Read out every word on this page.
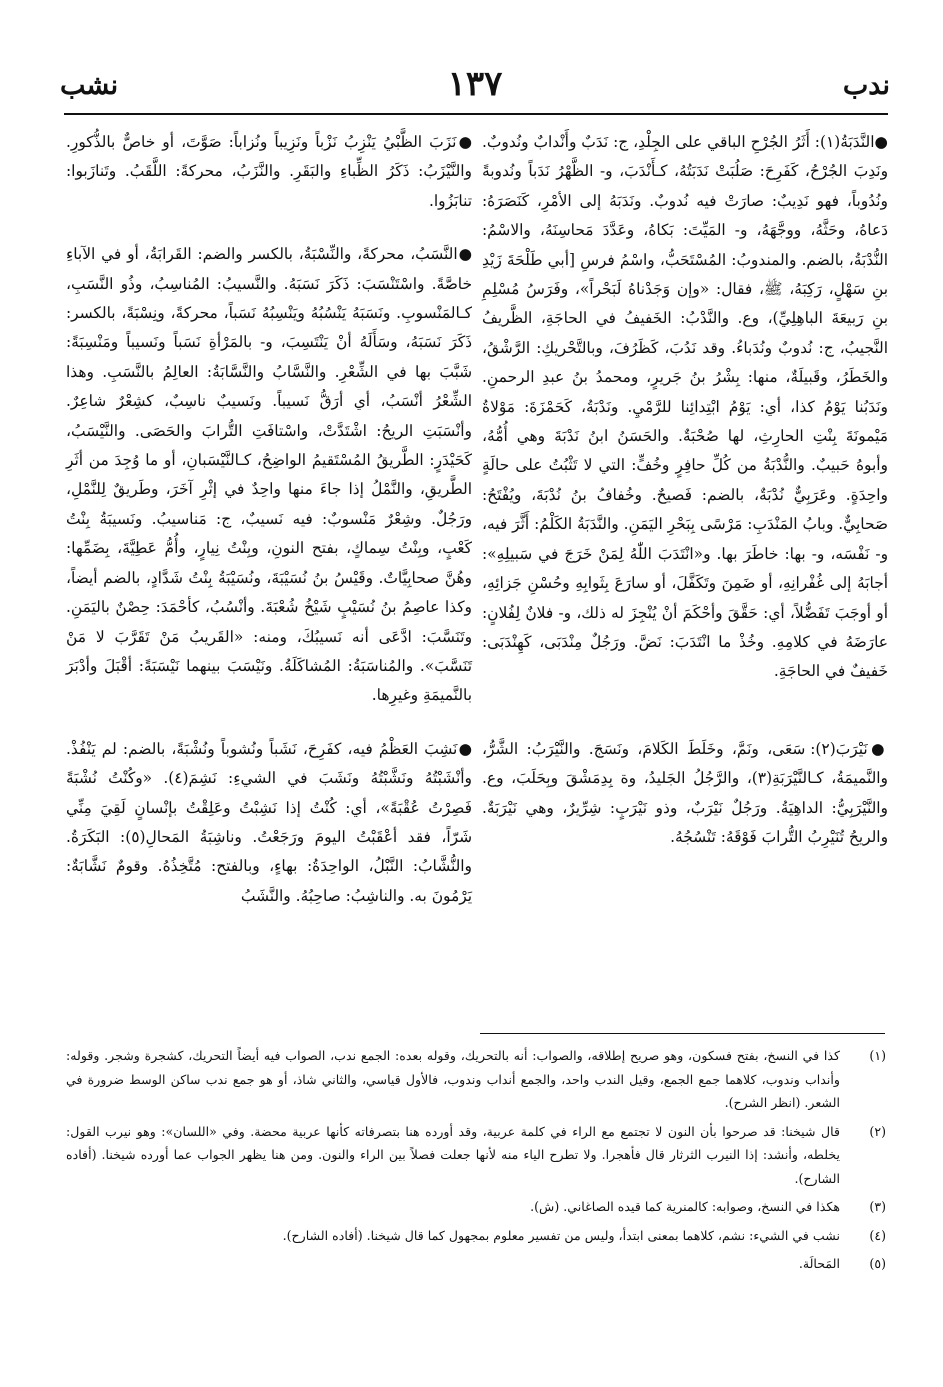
ندب
١٣٧
نشب

●النَّدَبَةُ(١): أَثَرُ الجُرْحِ الباقي على الجِلْدِ، ج: نَدَبٌ وأَنْدابٌ ونُدوبٌ. ونَدِبَ الجُرْحُ، كَفَرِحَ: صَلُبَتْ نَدَبَتُهُ، كـأَنْدَبَ، و- الظَّهْرُ نَدَباً ونُدوبةً ونُدُوباً، فهو نَدِيبٌ: صارَتْ فيه نُدوبٌ. ونَدَبَهُ إلى الأمْرِ، كَنَصَرَهُ: دَعاهُ، وحَثَّهُ، ووجَّهَهُ، و- المَيِّتَ: بَكاهُ، وعَدَّدَ مَحاسِنَهُ، والاسْمُ: النُّدْبَةُ، بالضم. والمندوبُ: المُسْتَحَبُّ، واسْمُ فرسِ [أبي طَلْحَةَ زَيْدِ بنِ سَهْلٍ، رَكِبَهُ، ﷺ، فقال: «وإن وَجَدْناهُ لَبَحْراً»، وفَرَسُ مُسْلِمِ بنِ رَبيعَةَ الباهِلِيِّ)، وع. والنَّدْبُ: الخَفيفُ في الحاجَةِ، الظَّريفُ النَّجيبُ، ج: نُدوبٌ ونُدَباءُ. وقد نَدُبَ، كَظَرُفَ، وبالتَّحْريكِ: الرَّشْقُ، والخَطَرُ، وقَبيلَةٌ، منها: بِشْرُ بنُ جَريرٍ، ومحمدُ بنُ عبدِ الرحمنِ. ونَدَبُنا يَوْمُ كذا، أي: يَوْمُ ابْتِدائِنا للرَّمْيِ. ونَدْبَةُ، كَحَمْزَةَ: مَوْلاةُ مَيْمونَةَ بِنْتِ الحارِثِ، لها صُحْبَةٌ. والحَسَنُ ابنُ نَدْبَةَ وهي أُمُّهُ، وأبوهُ حَبيبٌ. والنُّدْبَةُ من كُلِّ حافِرٍ وخُفٍّ: التي لا تَثْبُتُ على حالَةٍ واحِدَةٍ. وعَرَبِيٌّ نُدْبَةٌ، بالضم: فَصيحٌ. وخُفافُ بنُ نُدْبَةَ، ويُفْتَحُ: صَحابِيٌّ. وبابُ المَنْدَبِ: مَرْسًى بِبَحْرِ اليَمَنِ. والنَّدَبَةُ الكَلْمُ: أَثَّرَ فيه، و- نَفْسَه، و- بها: خاطَرَ بها. و«انْتَدَبَ اللّٰهُ لِمَنْ خَرَجَ في سَبيلِهِ»: أجابَهُ إلى غُفْرانِهِ، أو ضَمِنَ وتَكَفَّلَ، أو سارَعَ بِثَوابِهِ وحُسْنِ جَزائِهِ، أو أوجَبَ تَفَضُّلاً، أي: حَقَّقَ وأحْكَمَ أنْ يُنْجِزَ له ذلك، و- فلانٌ لِفُلانٍ: عارَضَهُ في كلامِهِ. وخُذْ ما انْتَدَبَ: نَضَّ. ورَجُلٌ مِنْدَبَى، كَهِنْدَبَى: خَفيفٌ في الحاجَةِ.

●نَيْرَبَ(٢): سَعَى، ونَمَّ، وخَلَطَ الكَلامَ، ونَسَجَ. والنَّيْرَبُ: الشَّرُّ، والنَّميمَةُ، كـالنَّيْرَبَةِ(٣)، والرَّجُلُ الجَليدُ، وة بِدِمَشْقَ وبِحَلَبَ، وع. والنَّيْرَبِيُّ: الداهِيَةُ. ورَجُلٌ نَيْرَبٌ، وذو نَيْرَبٍ: شِرِّيرٌ، وهي نَيْرَبَةٌ. والريحُ تُنَيْرِبُ التُّرابَ فَوْقَهُ: تَنْسُجُهُ.

●نَزَبَ الظَّبْيُ يَنْزِبُ نَزْباً ونَزِيباً ونُزاباً: صَوَّتَ، أو خاصٌّ بالذُّكورِ. والنَّيْزَبُ: ذَكَرُ الظِّباءِ والبَقَرِ. والنَّزَبُ، محركةً: اللَّقَبُ. وتَنازَبوا: تنابَزُوا.

●النَّسَبُ، محركةً، والنِّسْبَةُ، بالكسر والضم: القَرابَةُ، أو في الآباءِ خاصَّةً. واسْتَنْسَبَ: ذَكَرَ نَسَبَهُ. والنَّسيبُ: المُناسِبُ، وذُو النَّسَبِ، كـالمَنْسوبِ. ونَسَبَهُ يَنْسُبُهُ ويَنْسِبُهُ نَسَباً، محركةً، ونِسْبَةً، بالكسر: ذَكَرَ نَسَبَهُ، وسَأَلَهُ أنْ يَنْتَسِبَ، و- بالمَرْأةِ نَسَباً ونَسيباً ومَنْسِبَةً: شَبَّبَ بها في الشِّعْرِ. والنَّسَّابُ والنَّسَّابَةُ: العالِمُ بالنَّسَبِ. وهذا الشِّعْرُ أنْسَبُ، أي أرَقُّ نَسيباً. ونَسيبٌ ناسِبٌ، كشِعْرٌ شاعِرٌ. وأنْسَبَتِ الريحُ: اشْتَدَّتْ، واسْتافَتِ التُّرابَ والحَصَى. والنَّيْسَبُ، كَحَيْدَرٍ: الطَّريقُ المُسْتَقيمُ الواضِحُ، كـالنَّيْسَبانِ، أو ما وُجِدَ من أثَرِ الطَّريقِ، والنَّمْلُ إذا جاءَ منها واحِدٌ في إثْرِ آخَرَ، وطَريقٌ لِلنَّمْلِ، ورَجُلٌ. وشِعْرٌ مَنْسوبٌ: فيه نَسيبٌ، ج: مَناسيبُ. ونَسيبَةُ بِنْتُ كَعْبٍ، وبِنْتُ سِماكٍ، بفتح النونِ، وبِنْتُ نِيارٍ، وأُمُّ عَطِيَّةَ، بِضَمِّها: وهُنَّ صحابِيَّاتٌ. وقَيْسُ بنُ نُسَيْبَةَ، ونُسَيْبَةُ بِنْتُ شَدَّادٍ، بالضم أيضاً، وكذا عاصِمُ بنُ نُسَيْبٍ شَيْخُ شُعْبَةَ. وأنْسُبُ، كأحْمَدَ: حِصْنٌ باليَمَنِ. وتَنَسَّبَ: ادَّعَى أنه نَسيبُكَ، ومنه: «القَريبُ مَنْ تَقَرَّبَ لا مَنْ تَنَسَّبَ». والمُناسَبَةُ: المُشاكَلَةُ. ونَيْسَبَ بينهما نَيْسَبَةً: أقْبَلَ وأدْبَرَ بالنَّميمَةِ وغيرِها.

●نَشِبَ العَظْمُ فيه، كفَرِحَ، نَشَباً ونُشوباً ونُشْبَةً، بالضم: لم يَنْفُذْ. وأنْشَبْتُهُ ونَشَّبْتُهُ ونَشَبَ في الشيءِ: نَشِمَ(٤). «وكُنْتُ نُشْبَةً فَصِرْتُ عُقْبَةً»، أي: كُنْتُ إذا نَشِبْتُ وعَلِقْتُ بإنْسانٍ لَقِيَ مِنِّي شَرّاً، فقد أعْقَبْتُ اليومَ ورَجَعْتُ. وناشِبَةُ المَحالِ(٥): البَكَرَةُ. والنُّشَّابُ: النَّبْلُ، الواحِدَةُ: بهاءٍ، وبالفتح: مُتَّخِذُهُ. وقومٌ نَشَّابَةٌ: يَرْمُونَ به. والناشِبُ: صاحِبُهُ. والنَّشَبُ

(١)
كذا في النسخ، بفتح فسكون، وهو صريح إطلاقه، والصواب: أنه بالتحريك، وقوله بعده: الجمع ندب، الصواب فيه أيضاً التحريك، كشجرة وشجر. وقوله: وأنداب وندوب، كلاهما جمع الجمع، وقيل الندب واحد، والجمع أنداب وندوب، فالأول قياسي، والثاني شاذ، أو هو جمع ندب ساكن الوسط ضرورة في الشعر. (انظر الشرح).
(٢)
قال شيخنا: قد صرحوا بأن النون لا تجتمع مع الراء في كلمة عربية، وقد أورده هنا بتصرفاته كأنها عربية محضة. وفي «اللسان»: وهو نيرب القول: يخلطه، وأنشد: إذا النيرب الثرثار قال فأهجرا. ولا تطرح الياء منه لأنها جعلت فصلاً بين الراء والنون. ومن هنا يظهر الجواب عما أورده شيخنا. (أفاده الشارح).
(٣)
هكذا في النسخ، وصوابه: كالمنرية كما قيده الصاغاني. (ش).
(٤)
نشب في الشيء: نشم، كلاهما بمعنى ابتدأ، وليس من تفسير معلوم بمجهول كما قال شيخنا. (أفاده الشارح).
(٥)
المَحالَة.
